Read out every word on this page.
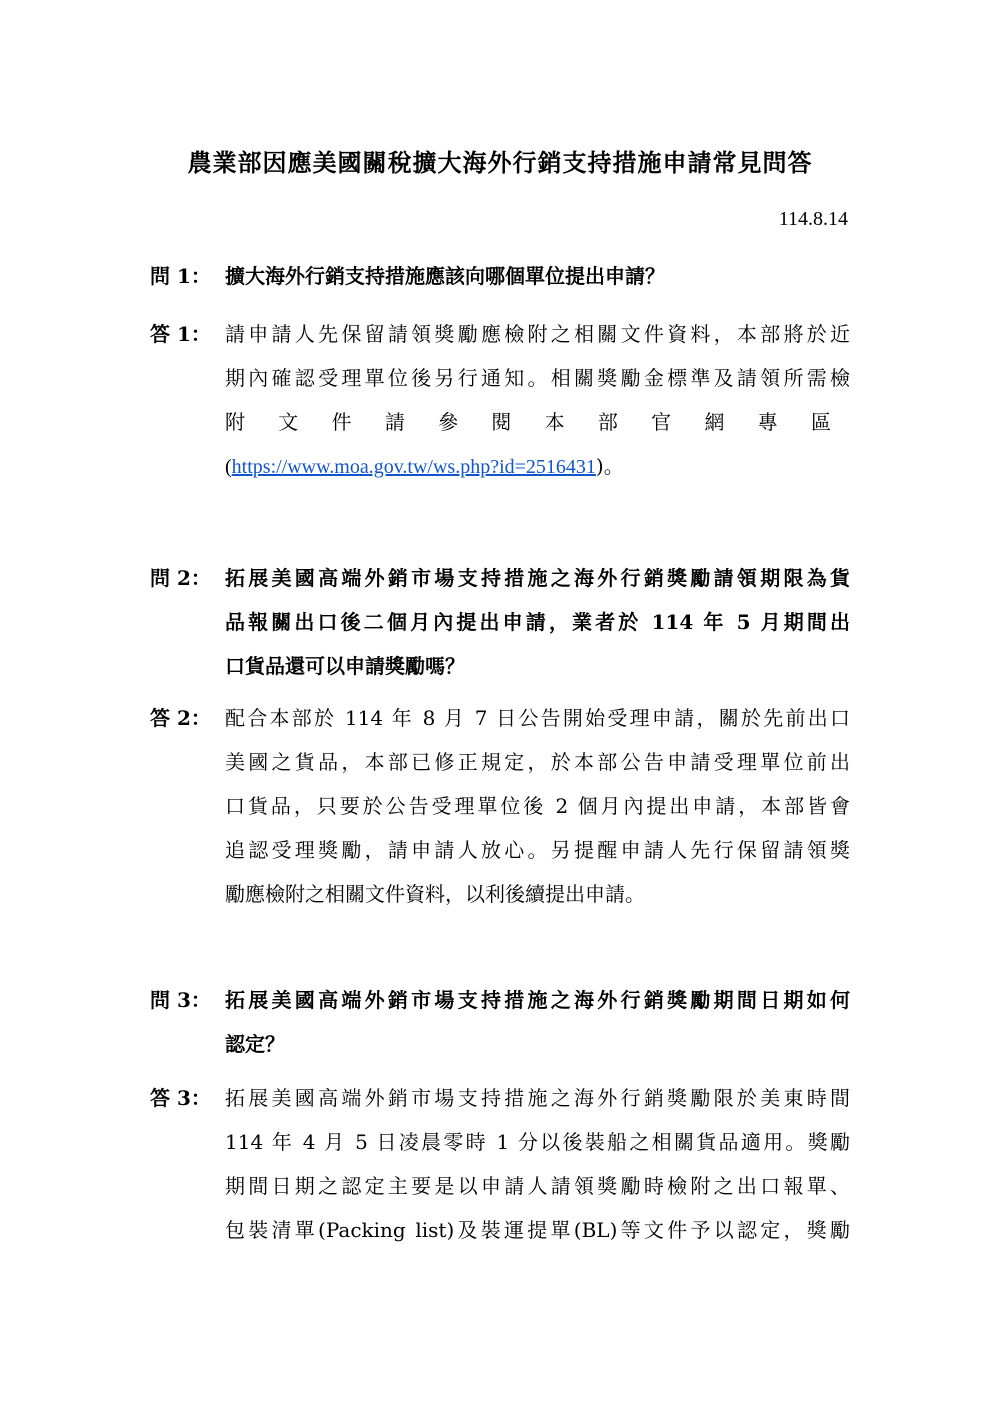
農業部因應美國關稅擴大海外行銷支持措施申請常見問答
114.8.14
問 1： 擴大海外行銷支持措施應該向哪個單位提出申請？
答 1： 請申請人先保留請領獎勵應檢附之相關文件資料，本部將於近
期內確認受理單位後另行通知。相關獎勵金標準及請領所需檢
附文件請參閱本部官網專區
(https://www.moa.gov.tw/ws.php?id=2516431)。
問 2： 拓展美國高端外銷市場支持措施之海外行銷獎勵請領期限為貨
品報關出口後二個月內提出申請，業者於 114 年 5 月期間出
口貨品還可以申請獎勵嗎？
答 2： 配合本部於 114 年 8 月 7 日公告開始受理申請，關於先前出口
美國之貨品，本部已修正規定，於本部公告申請受理單位前出
口貨品，只要於公告受理單位後 2 個月內提出申請，本部皆會
追認受理獎勵，請申請人放心。另提醒申請人先行保留請領獎
勵應檢附之相關文件資料，以利後續提出申請。
問 3： 拓展美國高端外銷市場支持措施之海外行銷獎勵期間日期如何
認定？
答 3： 拓展美國高端外銷市場支持措施之海外行銷獎勵限於美東時間
114 年 4 月 5 日凌晨零時 1 分以後裝船之相關貨品適用。獎勵
期間日期之認定主要是以申請人請領獎勵時檢附之出口報單、
包裝清單(Packing list)及裝運提單(BL)等文件予以認定，獎勵
